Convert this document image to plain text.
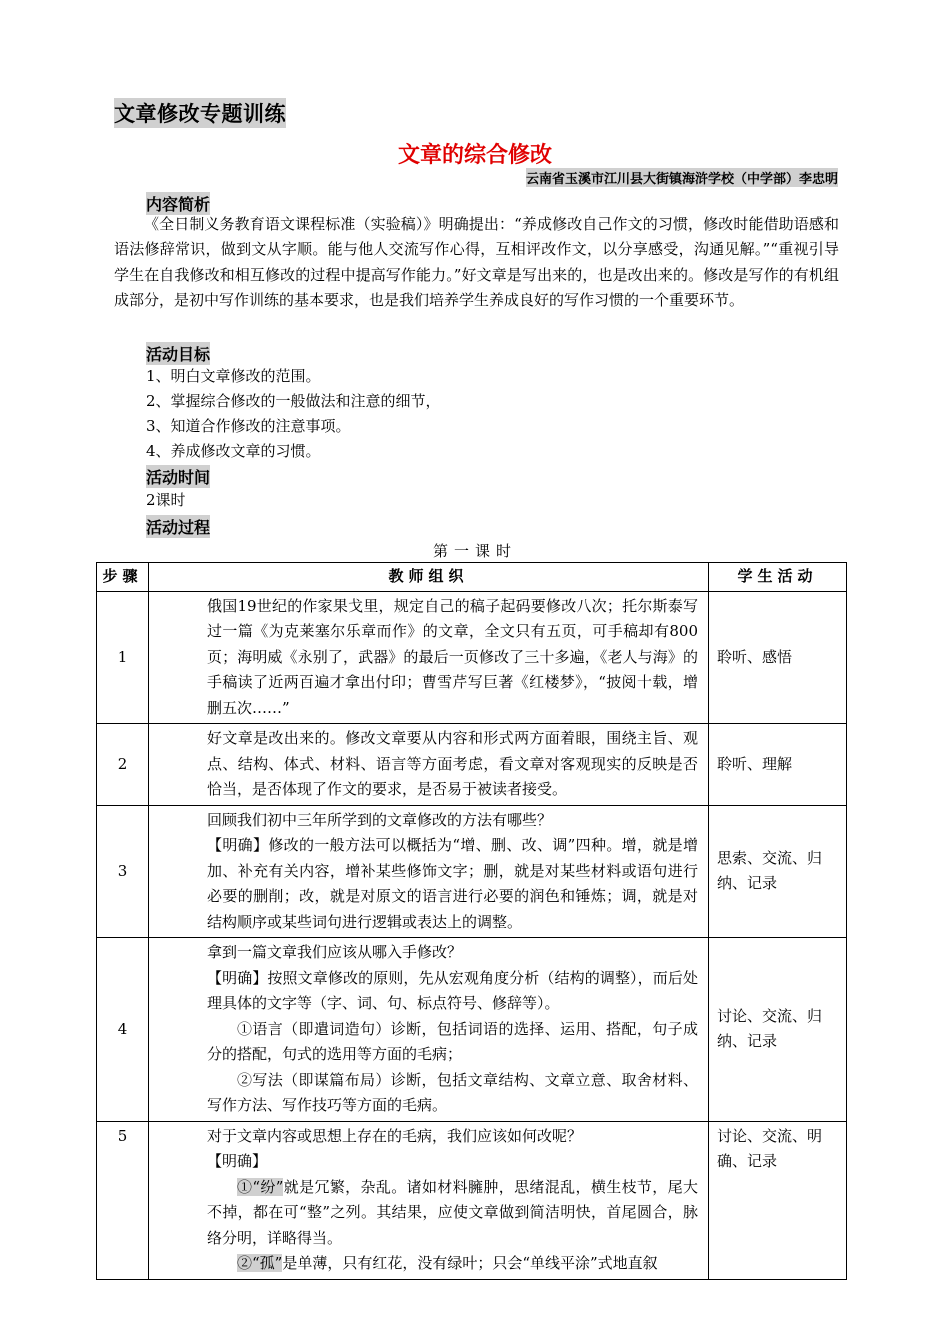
文章修改专题训练
文章的综合修改
云南省玉溪市江川县大街镇海浒学校（中学部）李忠明
内容简析
《全日制义务教育语文课程标准（实验稿）》明确提出：“养成修改自己作文的习惯，修改时能借助语感和语法修辞常识，做到文从字顺。能与他人交流写作心得，互相评改作文，以分享感受，沟通见解。”“重视引导学生在自我修改和相互修改的过程中提高写作能力。”好文章是写出来的，也是改出来的。修改是写作的有机组成部分，是初中写作训练的基本要求，也是我们培养学生养成良好的写作习惯的一个重要环节。
活动目标
1、明白文章修改的范围。
2、掌握综合修改的一般做法和注意的细节，
3、知道合作修改的注意事项。
4、养成修改文章的习惯。
活动时间
2课时
活动过程
第一课时
步骤	教师组织	学生活动
1	俄国19世纪的作家果戈里，规定自己的稿子起码要修改八次；托尔斯泰写过一篇《为克莱塞尔乐章而作》的文章，全文只有五页，可手稿却有800页；海明威《永别了，武器》的最后一页修改了三十多遍，《老人与海》的手稿读了近两百遍才拿出付印；曹雪芹写巨著《红楼梦》，“披阅十载，增删五次……”	聆听、感悟
2	好文章是改出来的。修改文章要从内容和形式两方面着眼，围绕主旨、观点、结构、体式、材料、语言等方面考虑，看文章对客观现实的反映是否恰当，是否体现了作文的要求，是否易于被读者接受。	聆听、理解
3	回顾我们初中三年所学到的文章修改的方法有哪些？

【明确】修改的一般方法可以概括为“增、删、改、调”四种。增，就是增加、补充有关内容，增补某些修饰文字；删，就是对某些材料或语句进行必要的删削；改，就是对原文的语言进行必要的润色和锤炼；调，就是对结构顺序或某些词句进行逻辑或表达上的调整。	思索、交流、归纳、记录
4	拿到一篇文章我们应该从哪入手修改？

【明确】按照文章修改的原则，先从宏观角度分析（结构的调整），而后处理具体的文字等（字、词、句、标点符号、修辞等）。

①语言（即遣词造句）诊断，包括词语的选择、运用、搭配，句子成分的搭配，句式的选用等方面的毛病；

②写法（即谋篇布局）诊断，包括文章结构、文章立意、取舍材料、写作方法、写作技巧等方面的毛病。	讨论、交流、归纳、记录
5	对于文章内容或思想上存在的毛病，我们应该如何改呢？

【明确】

①“纷”就是冗繁，杂乱。诸如材料臃肿，思绪混乱，横生枝节，尾大不掉，都在可“整”之列。其结果，应使文章做到简洁明快，首尾圆合，脉络分明，详略得当。

②“孤”是单薄，只有红花，没有绿叶；只会“单线平涂”式地直叙	讨论、交流、明确、记录
